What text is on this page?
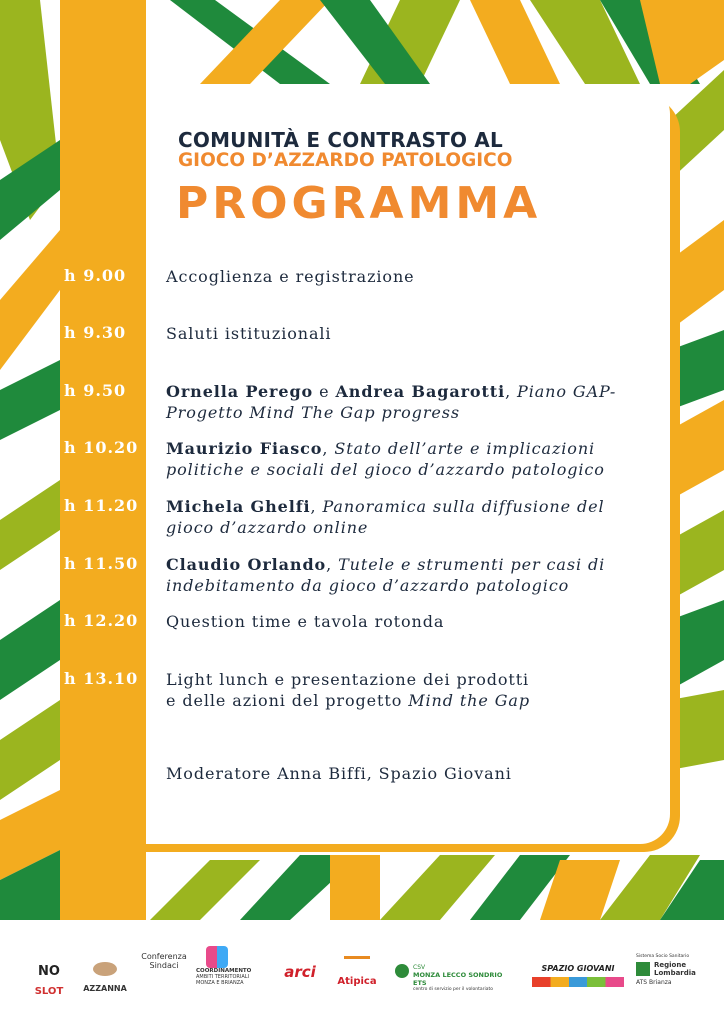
COMUNITÀ E CONTRASTO AL
GIOCO D’AZZARDO PATOLOGICO
PROGRAMMA
h 9.00 Accoglienza e registrazione
h 9.30 Saluti istituzionali
h 9.50 Ornella Perego e Andrea Bagarotti, Piano GAP-
Progetto Mind The Gap progress
h 10.20 Maurizio Fiasco, Stato dell’arte e implicazioni
politiche e sociali del gioco d’azzardo patologico
h 11.20 Michela Ghelfi, Panoramica sulla diffusione del
gioco d’azzardo online
h 11.50 Claudio Orlando, Tutele e strumenti per casi di
indebitamento da gioco d’azzardo patologico
h 12.20 Question time e tavola rotonda
h 13.10 Light lunch e presentazione dei prodotti
e delle azioni del progetto Mind the Gap
Moderatore Anna Biffi, Spazio Giovani
NO
SLOT	AZZANNA
Conferenza
Sindaci
COORDINAMENTO
AMBITI TERRITORIALI
MONZA E BRIANZA
arci
Atipica
CSV
MONZA LECCO SONDRIO ETS
centro di servizio per il volontariato
SPAZIO GIOVANI
Sistema Socio Sanitario
Regione
Lombardia
ATS Brianza
